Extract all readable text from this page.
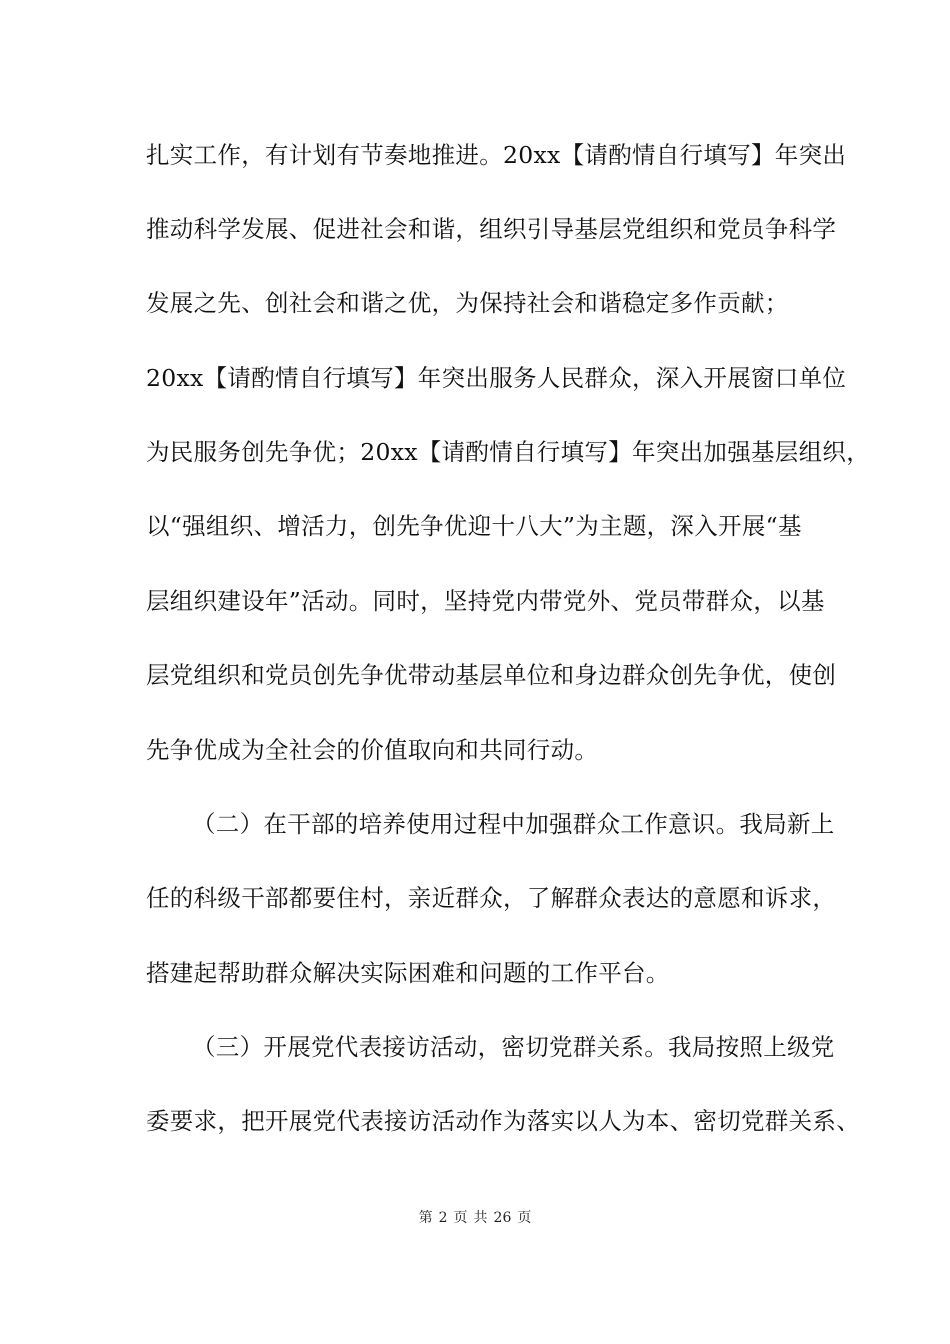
扎实工作，有计划有节奏地推进。20xx【请酌情自行填写】年突出
推动科学发展、促进社会和谐，组织引导基层党组织和党员争科学
发展之先、创社会和谐之优，为保持社会和谐稳定多作贡献；
20xx【请酌情自行填写】年突出服务人民群众，深入开展窗口单位
为民服务创先争优；20xx【请酌情自行填写】年突出加强基层组织，
以“强组织、增活力，创先争优迎十八大”为主题，深入开展“基
层组织建设年”活动。同时，坚持党内带党外、党员带群众，以基
层党组织和党员创先争优带动基层单位和身边群众创先争优，使创
先争优成为全社会的价值取向和共同行动。
（二）在干部的培养使用过程中加强群众工作意识。我局新上
任的科级干部都要住村，亲近群众，了解群众表达的意愿和诉求，
搭建起帮助群众解决实际困难和问题的工作平台。
（三）开展党代表接访活动，密切党群关系。我局按照上级党
委要求，把开展党代表接访活动作为落实以人为本、密切党群关系、
第 2 页 共 26 页
